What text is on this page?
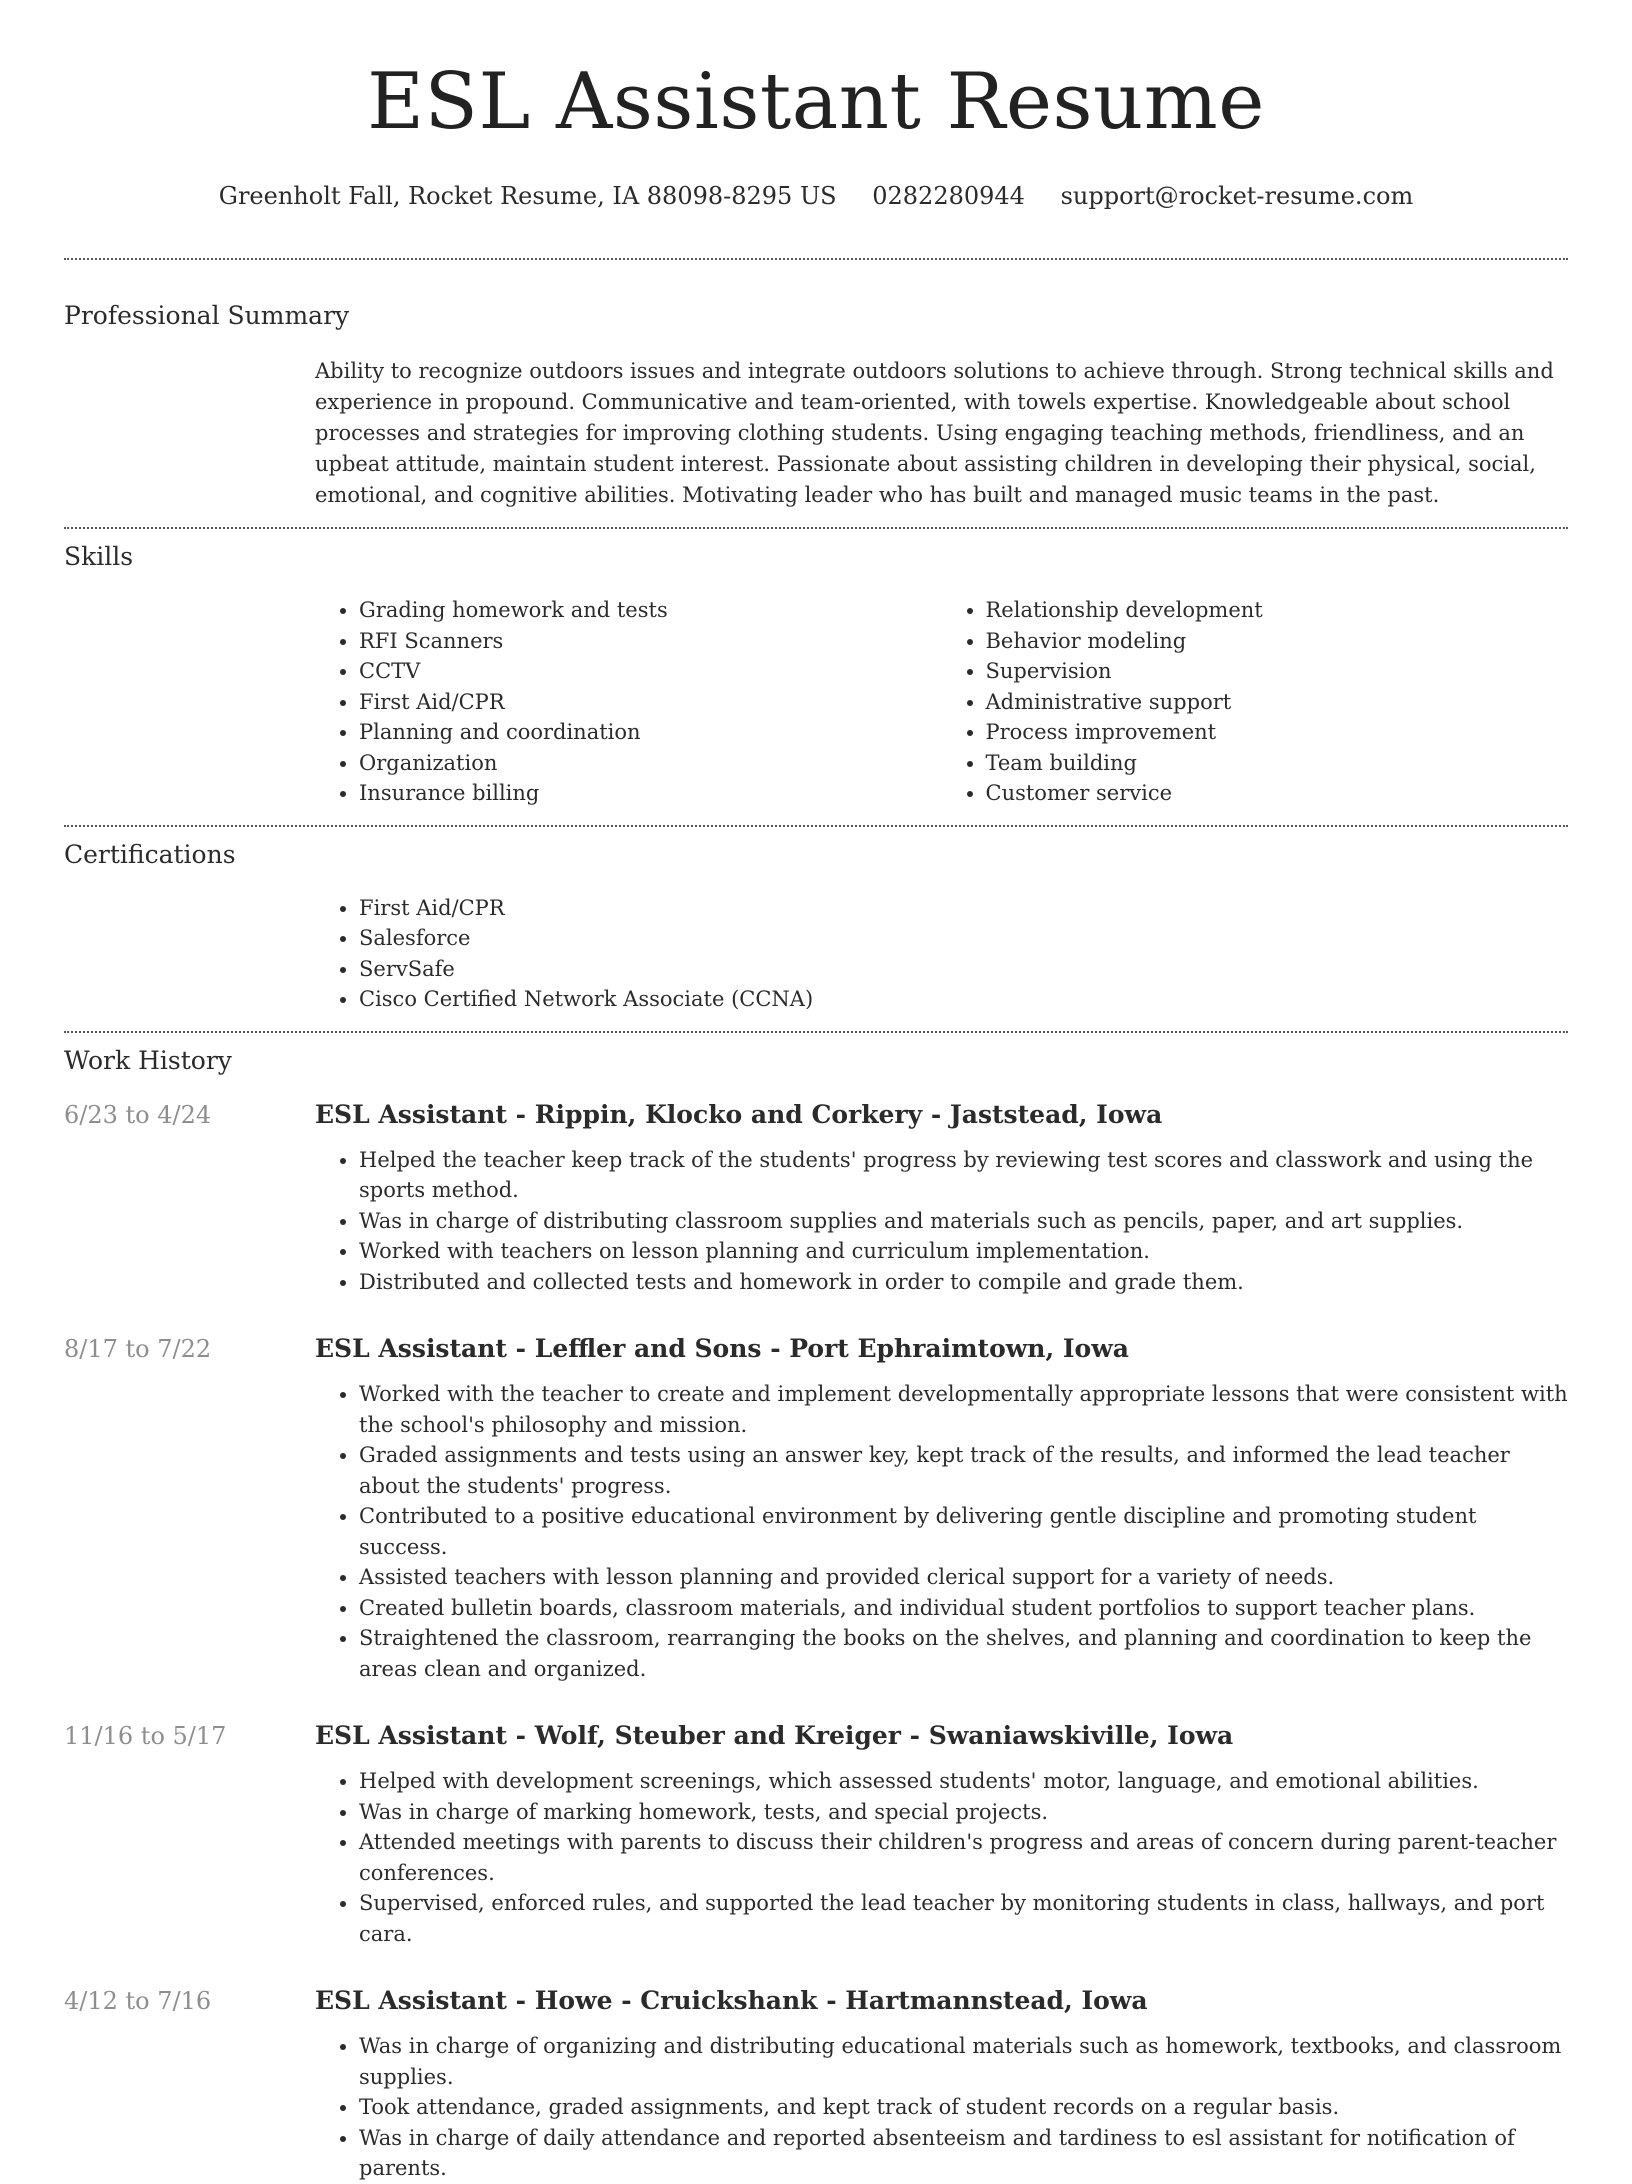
ESL Assistant Resume
Greenholt Fall, Rocket Resume, IA 88098-8295 US 0282280944 support@rocket-resume.com
Professional Summary

Ability to recognize outdoors issues and integrate outdoors solutions to achieve through. Strong technical skills and experience in propound. Communicative and team-oriented, with towels expertise. Knowledgeable about school processes and strategies for improving clothing students. Using engaging teaching methods, friendliness, and an upbeat attitude, maintain student interest. Passionate about assisting children in developing their physical, social, emotional, and cognitive abilities. Motivating leader who has built and managed music teams in the past.

Skills
• Grading homework and tests
• RFI Scanners
• CCTV
• First Aid/CPR
• Planning and coordination
• Organization
• Insurance billing
• Relationship development
• Behavior modeling
• Supervision
• Administrative support
• Process improvement
• Team building
• Customer service
Certifications
• First Aid/CPR
• Salesforce
• ServSafe
• Cisco Certified Network Associate (CCNA)
Work History
6/23 to 4/24	ESL Assistant - Rippin, Klocko and Corkery - Jaststead, Iowa
• Helped the teacher keep track of the students' progress by reviewing test scores and classwork and using the sports method.
• Was in charge of distributing classroom supplies and materials such as pencils, paper, and art supplies.
• Worked with teachers on lesson planning and curriculum implementation.
• Distributed and collected tests and homework in order to compile and grade them.
8/17 to 7/22	ESL Assistant - Leffler and Sons - Port Ephraimtown, Iowa
• Worked with the teacher to create and implement developmentally appropriate lessons that were consistent with the school's philosophy and mission.
• Graded assignments and tests using an answer key, kept track of the results, and informed the lead teacher about the students' progress.
• Contributed to a positive educational environment by delivering gentle discipline and promoting student success.
• Assisted teachers with lesson planning and provided clerical support for a variety of needs.
• Created bulletin boards, classroom materials, and individual student portfolios to support teacher plans.
• Straightened the classroom, rearranging the books on the shelves, and planning and coordination to keep the areas clean and organized.
11/16 to 5/17	ESL Assistant - Wolf, Steuber and Kreiger - Swaniawskiville, Iowa
• Helped with development screenings, which assessed students' motor, language, and emotional abilities.
• Was in charge of marking homework, tests, and special projects.
• Attended meetings with parents to discuss their children's progress and areas of concern during parent-teacher conferences.
• Supervised, enforced rules, and supported the lead teacher by monitoring students in class, hallways, and port cara.
4/12 to 7/16	ESL Assistant - Howe - Cruickshank - Hartmannstead, Iowa
• Was in charge of organizing and distributing educational materials such as homework, textbooks, and classroom supplies.
• Took attendance, graded assignments, and kept track of student records on a regular basis.
• Was in charge of daily attendance and reported absenteeism and tardiness to esl assistant for notification of parents.
